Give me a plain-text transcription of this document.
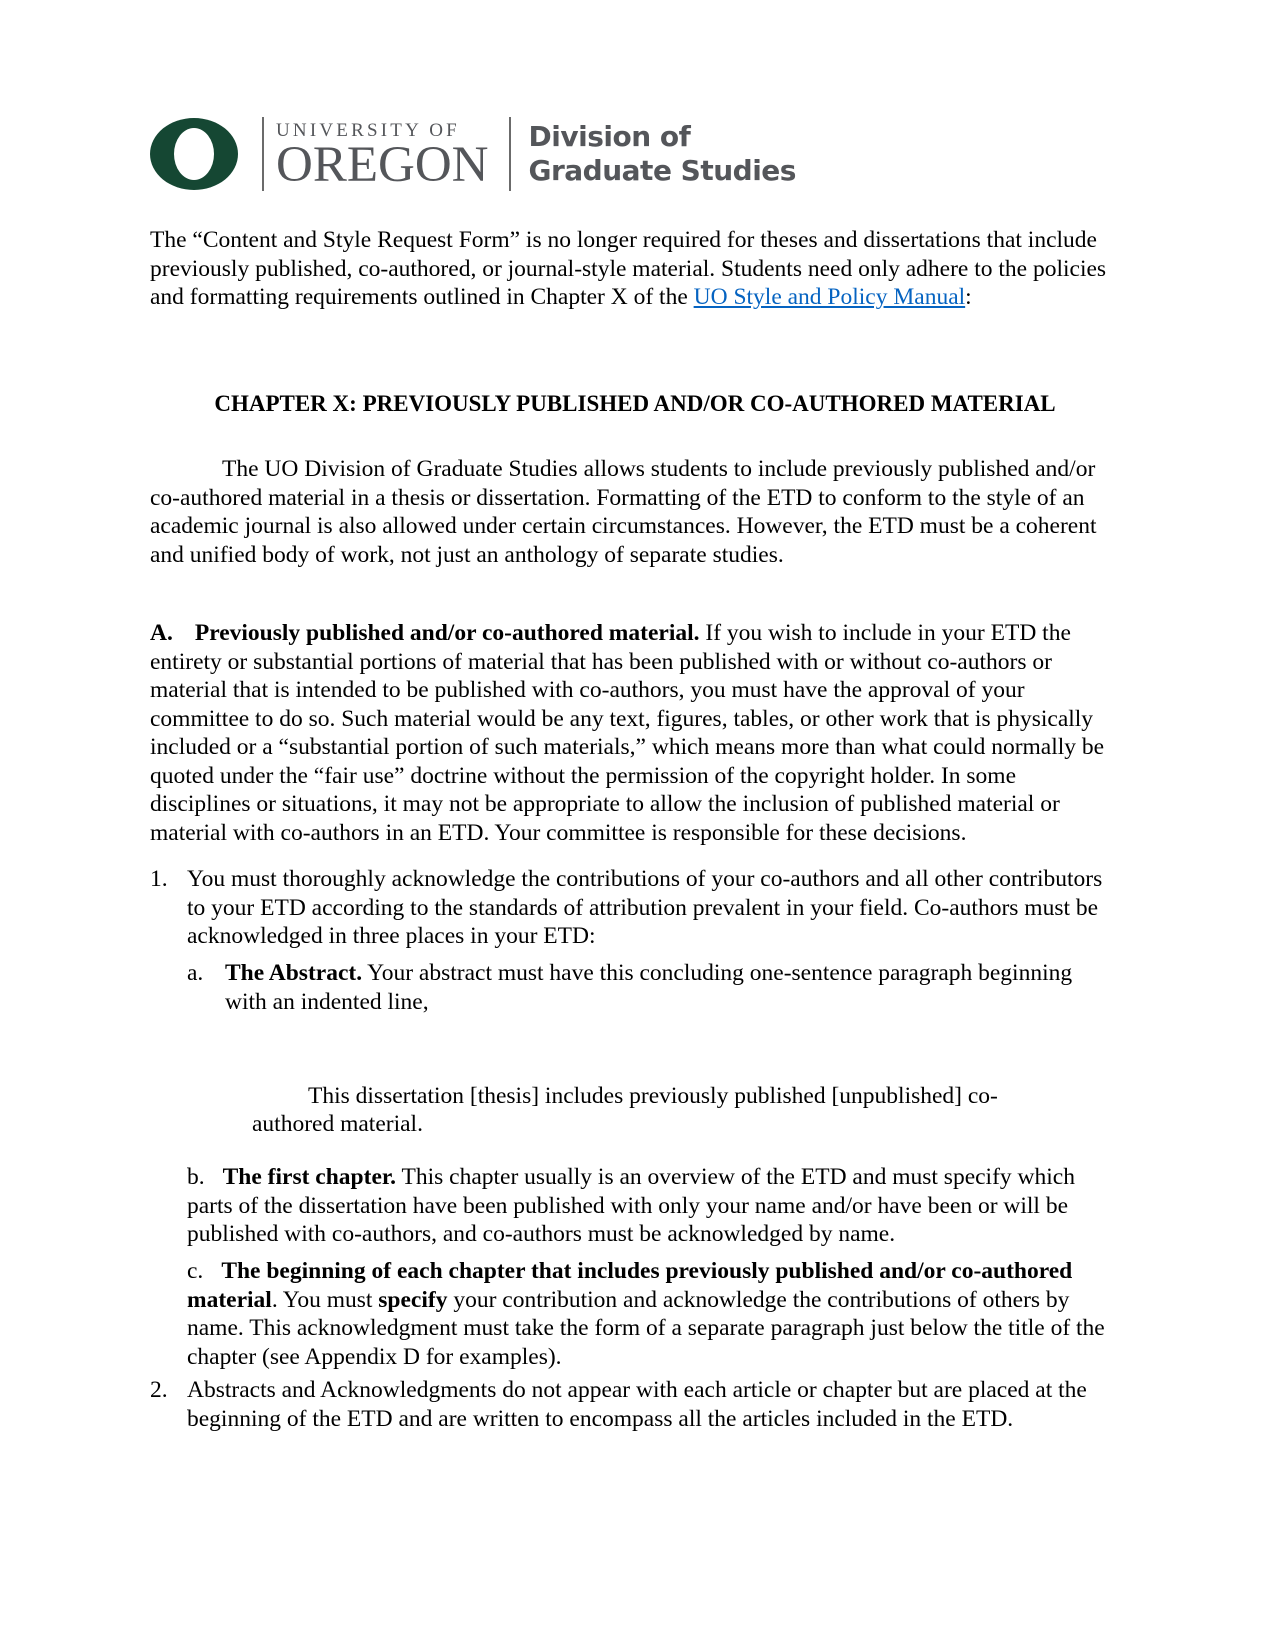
UNIVERSITY OF
OREGON
Division of
Graduate Studies

The “Content and Style Request Form” is no longer required for theses and dissertations that include previously published, co-authored, or journal-style material. Students need only adhere to the policies and formatting requirements outlined in Chapter X of the UO Style and Policy Manual:

CHAPTER X: PREVIOUSLY PUBLISHED AND/OR CO-AUTHORED MATERIAL

The UO Division of Graduate Studies allows students to include previously published and/or co-authored material in a thesis or dissertation. Formatting of the ETD to conform to the style of an academic journal is also allowed under certain circumstances. However, the ETD must be a coherent and unified body of work, not just an anthology of separate studies.

A. Previously published and/or co-authored material. If you wish to include in your ETD the entirety or substantial portions of material that has been published with or without co-authors or material that is intended to be published with co-authors, you must have the approval of your committee to do so. Such material would be any text, figures, tables, or other work that is physically included or a “substantial portion of such materials,” which means more than what could normally be quoted under the “fair use” doctrine without the permission of the copyright holder. In some disciplines or situations, it may not be appropriate to allow the inclusion of published material or material with co-authors in an ETD. Your committee is responsible for these decisions.

1. You must thoroughly acknowledge the contributions of your co-authors and all other contributors to your ETD according to the standards of attribution prevalent in your field. Co-authors must be acknowledged in three places in your ETD:
a. The Abstract. Your abstract must have this concluding one-sentence paragraph beginning with an indented line,

This dissertation [thesis] includes previously published [unpublished] co-authored material.

b. The first chapter. This chapter usually is an overview of the ETD and must specify which parts of the dissertation have been published with only your name and/or have been or will be published with co-authors, and co-authors must be acknowledged by name.

c. The beginning of each chapter that includes previously published and/or co-authored material. You must specify your contribution and acknowledge the contributions of others by name. This acknowledgment must take the form of a separate paragraph just below the title of the chapter (see Appendix D for examples).

2. Abstracts and Acknowledgments do not appear with each article or chapter but are placed at the beginning of the ETD and are written to encompass all the articles included in the ETD.
